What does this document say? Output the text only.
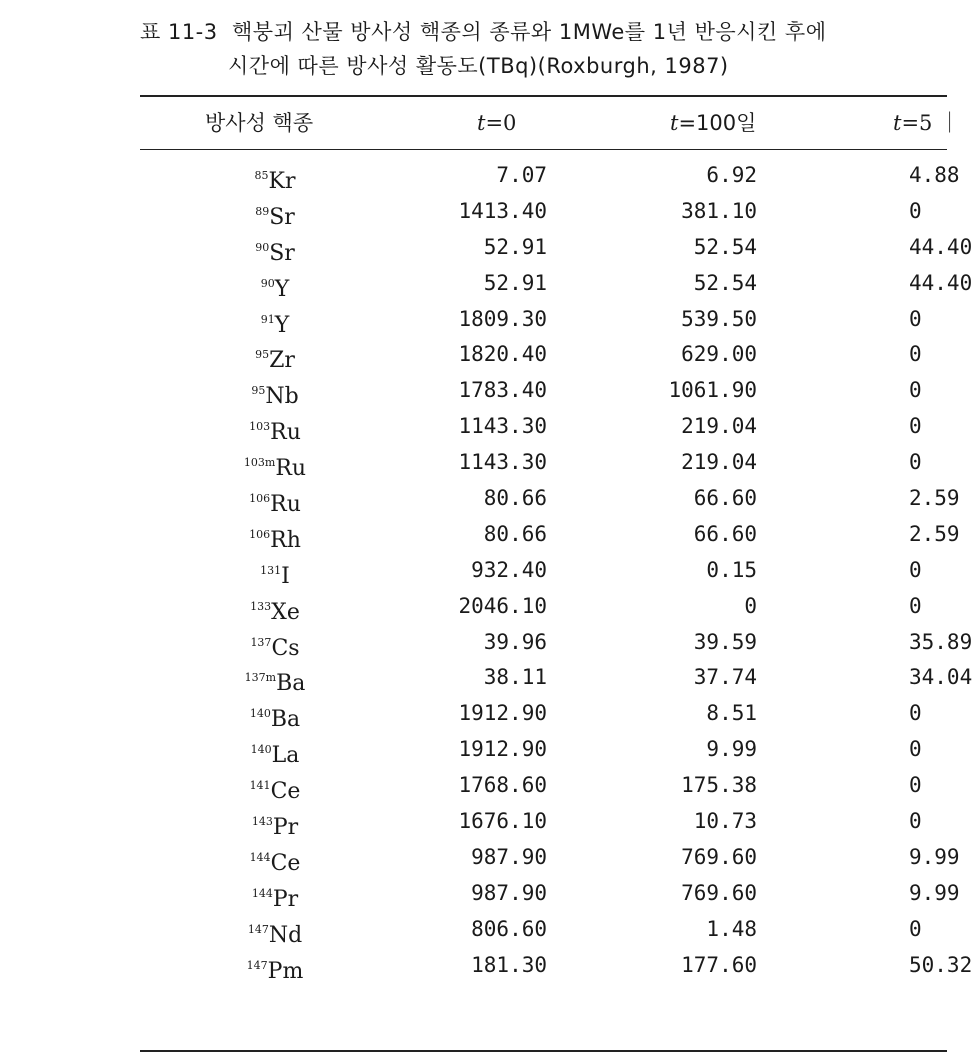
표 11-3 핵붕괴 산물 방사성 핵종의 종류와 1MWe를 1년 반응시킨 후에
시간에 따른 방사성 활동도(TBq)(Roxburgh, 1987)
방사성 핵종	t=0	t=100일	t=5 ｜
$^{85}$Kr	7.07	6.92	4.88
$^{89}$Sr	1413.40	381.10	0
$^{90}$Sr	52.91	52.54	44.40
$^{90}$Y	52.91	52.54	44.40
$^{91}$Y	1809.30	539.50	0
$^{95}$Zr	1820.40	629.00	0
$^{95}$Nb	1783.40	1061.90	0
$^{103}$Ru	1143.30	219.04	0
$^{103m}$Ru	1143.30	219.04	0
$^{106}$Ru	80.66	66.60	2.59
$^{106}$Rh	80.66	66.60	2.59
$^{131}$I	932.40	0.15	0
$^{133}$Xe	2046.10	0	0
$^{137}$Cs	39.96	39.59	35.89
$^{137m}$Ba	38.11	37.74	34.04
$^{140}$Ba	1912.90	8.51	0
$^{140}$La	1912.90	9.99	0
$^{141}$Ce	1768.60	175.38	0
$^{143}$Pr	1676.10	10.73	0
$^{144}$Ce	987.90	769.60	9.99
$^{144}$Pr	987.90	769.60	9.99
$^{147}$Nd	806.60	1.48	0
$^{147}$Pm	181.30	177.60	50.32
